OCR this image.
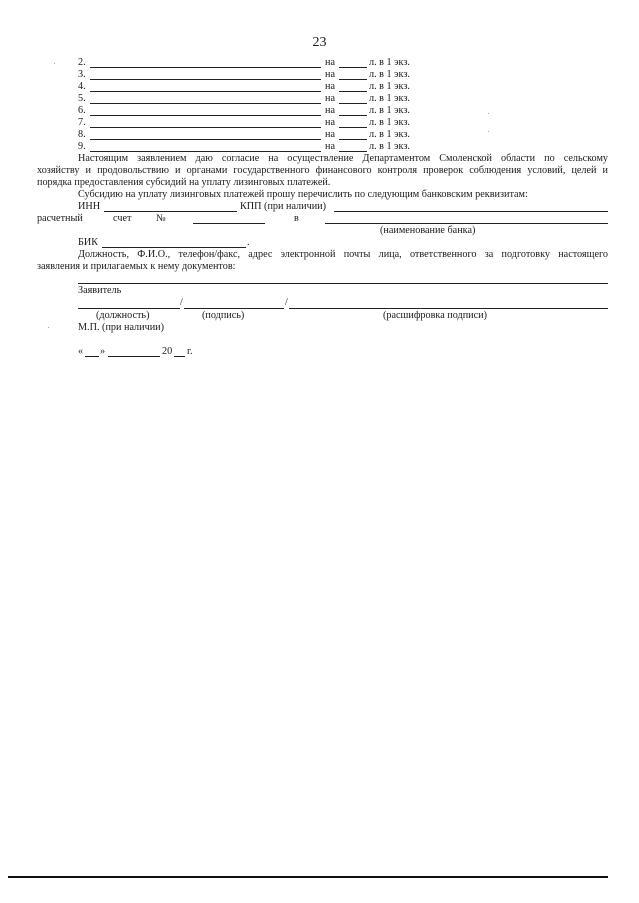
23
2.	на	л. в 1 экз.
3.	на	л. в 1 экз.
4.	на	л. в 1 экз.
5.	на	л. в 1 экз.
6.	на	л. в 1 экз.
7.	на	л. в 1 экз.
8.	на	л. в 1 экз.
9.	на	л. в 1 экз.
Настоящим заявлением даю согласие на осуществление Департаментом Смоленской области по сельскому
хозяйству и продовольствию и органами государственного финансового контроля проверок соблюдения условий, целей и
порядка предоставления субсидий на уплату лизинговых платежей.
Субсидию на уплату лизинговых платежей прошу перечислить по следующим банковским реквизитам:
ИНН	КПП (при наличии)
расчетный	счет №	в
(наименование банка)
БИК	.
Должность, Ф.И.О., телефон/факс, адрес электронной почты лица, ответственного за подготовку настоящего
заявления и прилагаемых к нему документов:
Заявитель
/	/
(должность)	(подпись)	(расшифровка подписи)
М.П. (при наличии)
« »	20 г.
